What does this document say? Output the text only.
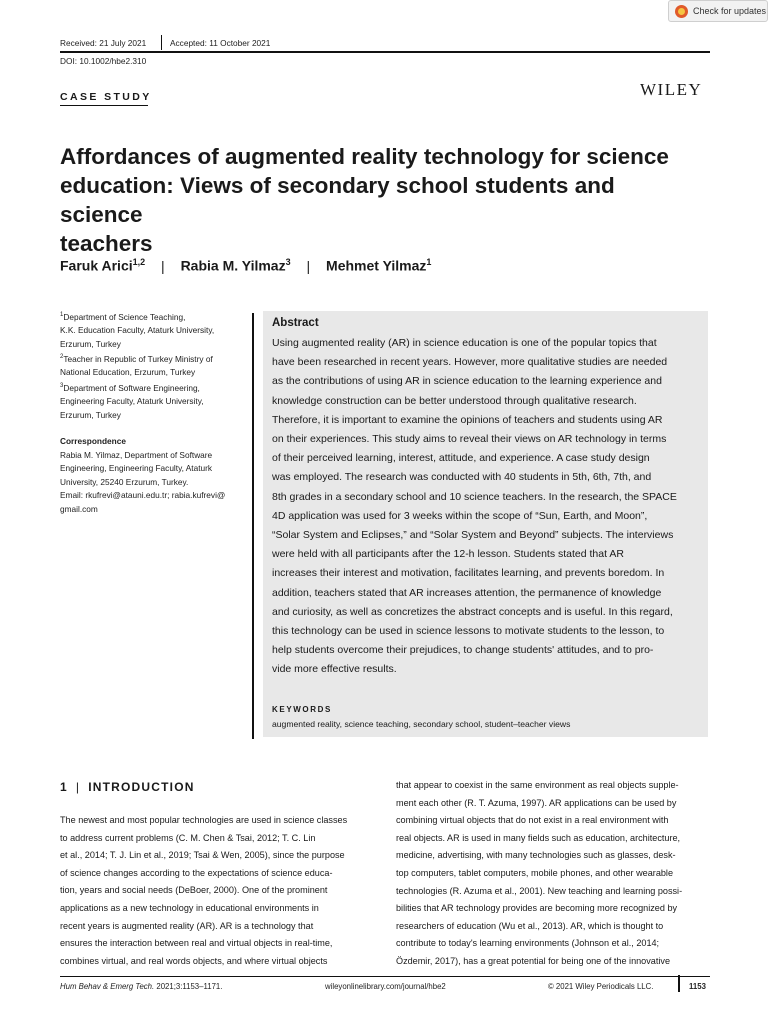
Check for updates
Received: 21 July 2021	Accepted: 11 October 2021
DOI: 10.1002/hbe2.310
CASE STUDY	WILEY
Affordances of augmented reality technology for science
education: Views of secondary school students and science
teachers
Faruk Arici$^{1,2}$ | Rabia M. Yilmaz$^3$ | Mehmet Yilmaz$^1$
$^1$Department of Science Teaching,
K.K. Education Faculty, Ataturk University,
Erzurum, Turkey
$^2$Teacher in Republic of Turkey Ministry of
National Education, Erzurum, Turkey
$^3$Department of Software Engineering,
Engineering Faculty, Ataturk University,
Erzurum, Turkey
Correspondence
Rabia M. Yilmaz, Department of Software
Engineering, Engineering Faculty, Ataturk
University, 25240 Erzurum, Turkey.
Email: rkufrevi@atauni.edu.tr; rabia.kufrevi@
gmail.com
Abstract
Using augmented reality (AR) in science education is one of the popular topics that
have been researched in recent years. However, more qualitative studies are needed
as the contributions of using AR in science education to the learning experience and
knowledge construction can be better understood through qualitative research.
Therefore, it is important to examine the opinions of teachers and students using AR
on their experiences. This study aims to reveal their views on AR technology in terms
of their perceived learning, interest, attitude, and experience. A case study design
was employed. The research was conducted with 40 students in 5th, 6th, 7th, and
8th grades in a secondary school and 10 science teachers. In the research, the SPACE
4D application was used for 3 weeks within the scope of “Sun, Earth, and Moon”,
“Solar System and Eclipses,” and “Solar System and Beyond” subjects. The interviews
were held with all participants after the 12-h lesson. Students stated that AR
increases their interest and motivation, facilitates learning, and prevents boredom. In
addition, teachers stated that AR increases attention, the permanence of knowledge
and curiosity, as well as concretizes the abstract concepts and is useful. In this regard,
this technology can be used in science lessons to motivate students to the lesson, to
help students overcome their prejudices, to change students' attitudes, and to pro-
vide more effective results.
KEYWORDS
augmented reality, science teaching, secondary school, student–teacher views
1 | INTRODUCTION
The newest and most popular technologies are used in science classes
to address current problems (C. M. Chen & Tsai, 2012; T. C. Lin
et al., 2014; T. J. Lin et al., 2019; Tsai & Wen, 2005), since the purpose
of science changes according to the expectations of science educa-
tion, years and social needs (DeBoer, 2000). One of the prominent
applications as a new technology in educational environments in
recent years is augmented reality (AR). AR is a technology that
ensures the interaction between real and virtual objects in real-time,
combines virtual, and real words objects, and where virtual objects
that appear to coexist in the same environment as real objects supple-
ment each other (R. T. Azuma, 1997). AR applications can be used by
combining virtual objects that do not exist in a real environment with
real objects. AR is used in many fields such as education, architecture,
medicine, advertising, with many technologies such as glasses, desk-
top computers, tablet computers, mobile phones, and other wearable
technologies (R. Azuma et al., 2001). New teaching and learning possi-
bilities that AR technology provides are becoming more recognized by
researchers of education (Wu et al., 2013). AR, which is thought to
contribute to today's learning environments (Johnson et al., 2014;
Özdemir, 2017), has a great potential for being one of the innovative
Hum Behav & Emerg Tech. 2021;3:1153–1171.	wileyonlinelibrary.com/journal/hbe2	© 2021 Wiley Periodicals LLC.	1153
